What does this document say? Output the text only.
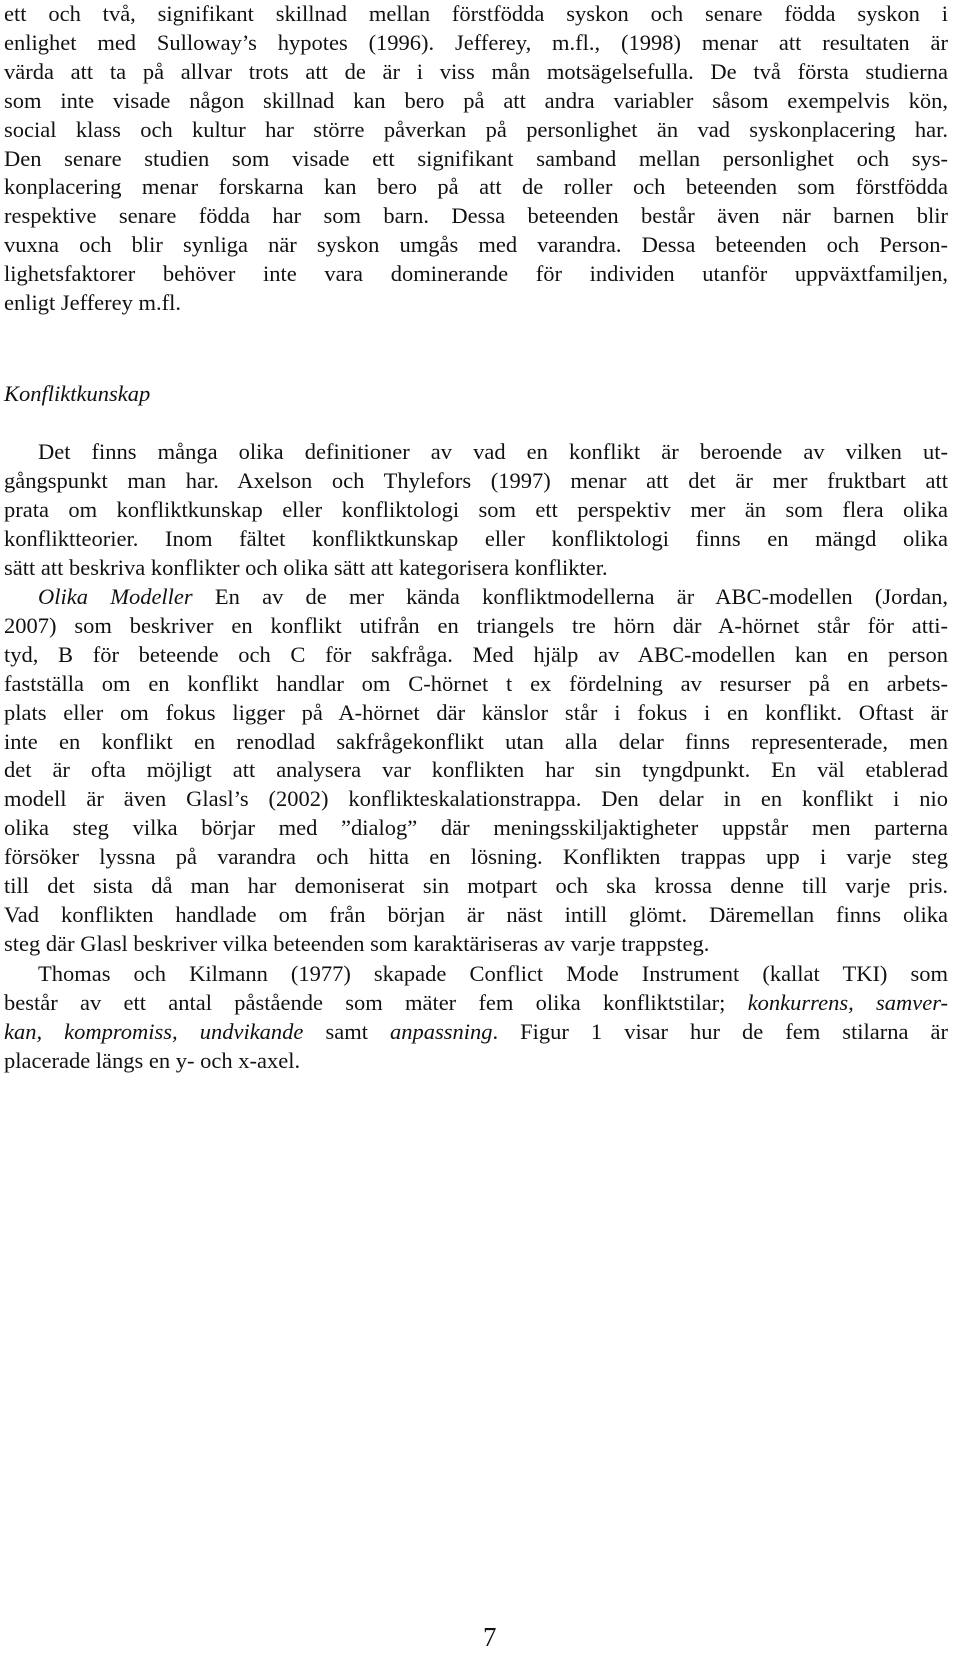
ett och två, signifikant skillnad mellan förstfödda syskon och senare födda syskon i
enlighet med Sulloway’s hypotes (1996). Jefferey, m.fl., (1998) menar att resultaten är
värda att ta på allvar trots att de är i viss mån motsägelsefulla. De två första studierna
som inte visade någon skillnad kan bero på att andra variabler såsom exempelvis kön,
social klass och kultur har större påverkan på personlighet än vad syskonplacering har.
Den senare studien som visade ett signifikant samband mellan personlighet och sys-
konplacering menar forskarna kan bero på att de roller och beteenden som förstfödda
respektive senare födda har som barn. Dessa beteenden består även när barnen blir
vuxna och blir synliga när syskon umgås med varandra. Dessa beteenden och Person-
lighetsfaktorer behöver inte vara dominerande för individen utanför uppväxtfamiljen,
enligt Jefferey m.fl.
Konfliktkunskap
Det finns många olika definitioner av vad en konflikt är beroende av vilken ut-
gångspunkt man har. Axelson och Thylefors (1997) menar att det är mer fruktbart att
prata om konfliktkunskap eller konfliktologi som ett perspektiv mer än som flera olika
konfliktteorier. Inom fältet konfliktkunskap eller konfliktologi finns en mängd olika
sätt att beskriva konflikter och olika sätt att kategorisera konflikter.
Olika Modeller En av de mer kända konfliktmodellerna är ABC-modellen (Jordan,
2007) som beskriver en konflikt utifrån en triangels tre hörn där A-hörnet står för atti-
tyd, B för beteende och C för sakfråga. Med hjälp av ABC-modellen kan en person
fastställa om en konflikt handlar om C-hörnet t ex fördelning av resurser på en arbets-
plats eller om fokus ligger på A-hörnet där känslor står i fokus i en konflikt. Oftast är
inte en konflikt en renodlad sakfrågekonflikt utan alla delar finns representerade, men
det är ofta möjligt att analysera var konflikten har sin tyngdpunkt. En väl etablerad
modell är även Glasl’s (2002) konflikteskalationstrappa. Den delar in en konflikt i nio
olika steg vilka börjar med ”dialog” där meningsskiljaktigheter uppstår men parterna
försöker lyssna på varandra och hitta en lösning. Konflikten trappas upp i varje steg
till det sista då man har demoniserat sin motpart och ska krossa denne till varje pris.
Vad konflikten handlade om från början är näst intill glömt. Däremellan finns olika
steg där Glasl beskriver vilka beteenden som karaktäriseras av varje trappsteg.
Thomas och Kilmann (1977) skapade Conflict Mode Instrument (kallat TKI) som
består av ett antal påstående som mäter fem olika konfliktstilar; konkurrens, samver-
kan, kompromiss, undvikande samt anpassning. Figur 1 visar hur de fem stilarna är
placerade längs en y- och x-axel.
7
